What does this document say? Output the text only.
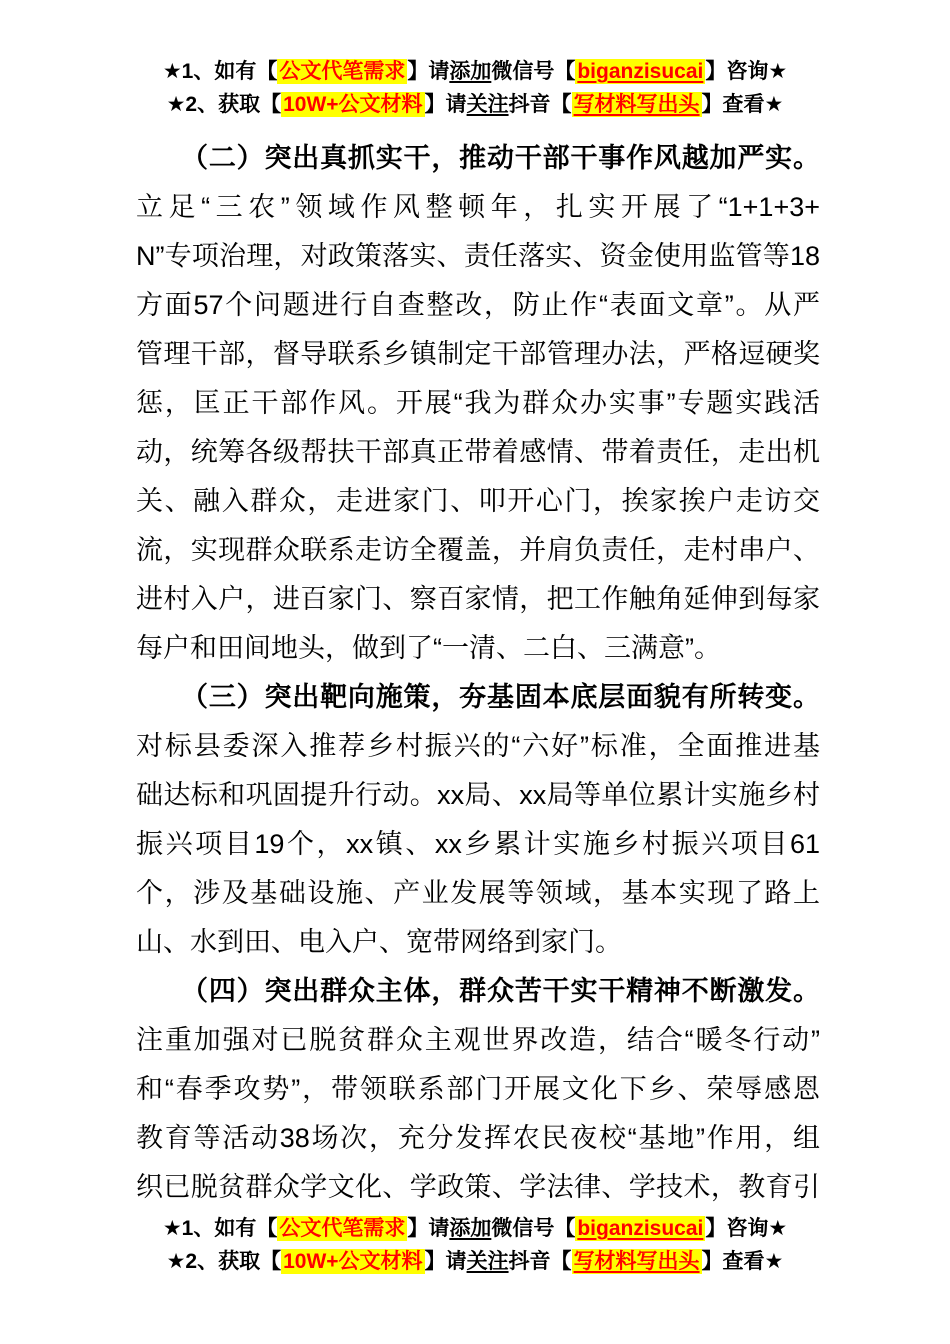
★1、如有【公文代笔需求】请添加微信号【biganzisucai】咨询★
★2、获取【10W+公文材料】请关注抖音【写材料写出头】查看★
（二）突出真抓实干，推动干部干事作风越加严实。
立足“三农”领域作风整顿年，扎实开展了“1+1+3+
N”专项治理，对政策落实、责任落实、资金使用监管等18
方面57个问题进行自查整改，防止作“表面文章”。从严
管理干部，督导联系乡镇制定干部管理办法，严格逗硬奖
惩，匡正干部作风。开展“我为群众办实事”专题实践活
动，统筹各级帮扶干部真正带着感情、带着责任，走出机
关、融入群众，走进家门、叩开心门，挨家挨户走访交
流，实现群众联系走访全覆盖，并肩负责任，走村串户、
进村入户，进百家门、察百家情，把工作触角延伸到每家
每户和田间地头，做到了“一清、二白、三满意”。
（三）突出靶向施策，夯基固本底层面貌有所转变。
对标县委深入推荐乡村振兴的“六好”标准，全面推进基
础达标和巩固提升行动。xx局、xx局等单位累计实施乡村
振兴项目19个，xx镇、xx乡累计实施乡村振兴项目61
个，涉及基础设施、产业发展等领域，基本实现了路上
山、水到田、电入户、宽带网络到家门。
（四）突出群众主体，群众苦干实干精神不断激发。
注重加强对已脱贫群众主观世界改造，结合“暖冬行动”
和“春季攻势”，带领联系部门开展文化下乡、荣辱感恩
教育等活动38场次，充分发挥农民夜校“基地”作用，组
织已脱贫群众学文化、学政策、学法律、学技术，教育引
★1、如有【公文代笔需求】请添加微信号【biganzisucai】咨询★
★2、获取【10W+公文材料】请关注抖音【写材料写出头】查看★
